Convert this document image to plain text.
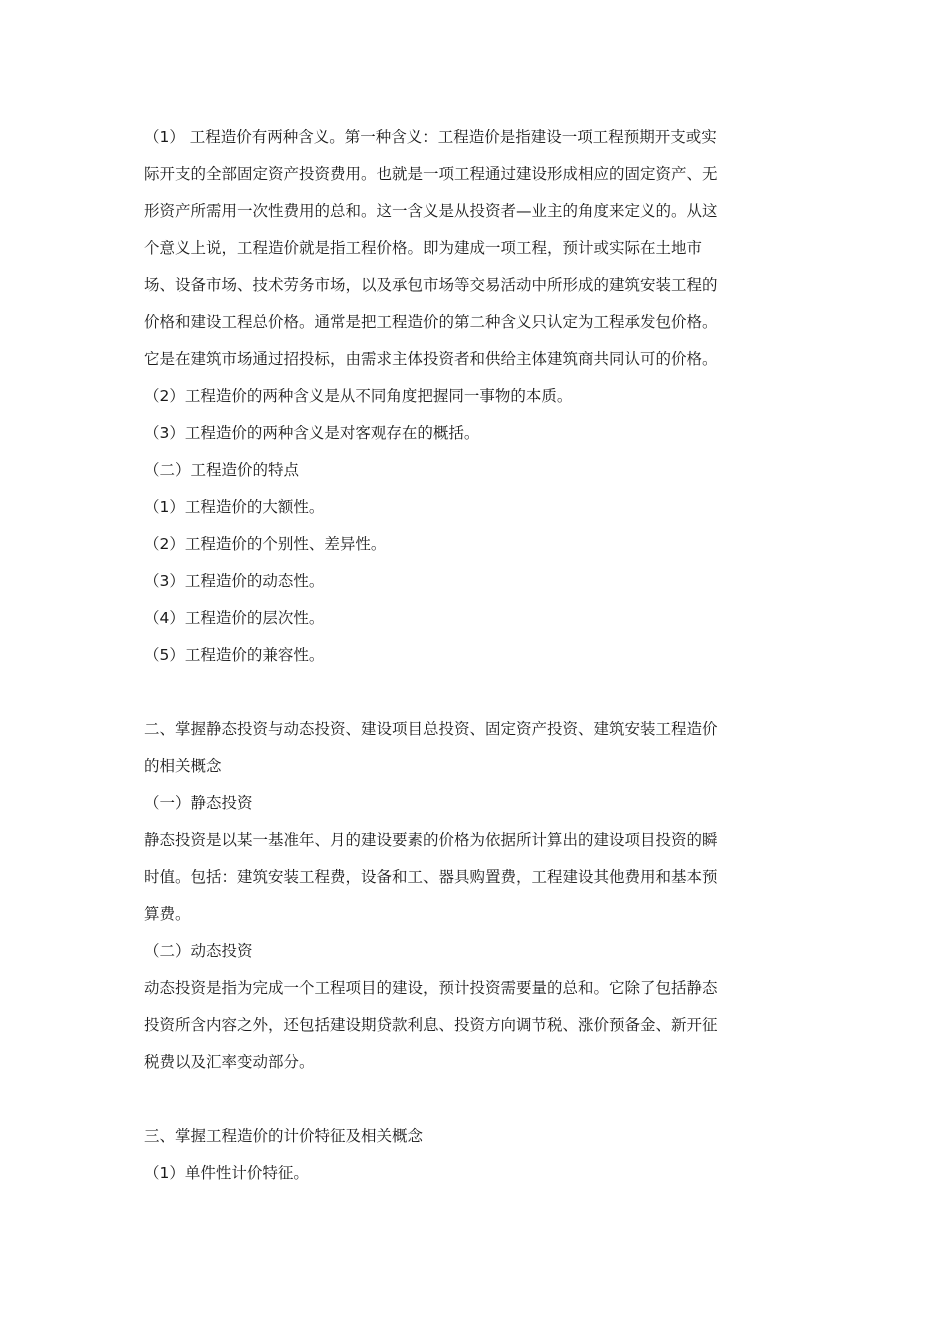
（1） 工程造价有两种含义。第一种含义：工程造价是指建设一项工程预期开支或实
际开支的全部固定资产投资费用。也就是一项工程通过建设形成相应的固定资产、无
形资产所需用一次性费用的总和。这一含义是从投资者—业主的角度来定义的。从这
个意义上说，工程造价就是指工程价格。即为建成一项工程，预计或实际在土地市
场、设备市场、技术劳务市场，以及承包市场等交易活动中所形成的建筑安装工程的
价格和建设工程总价格。通常是把工程造价的第二种含义只认定为工程承发包价格。
它是在建筑市场通过招投标，由需求主体投资者和供给主体建筑商共同认可的价格。
（2）工程造价的两种含义是从不同角度把握同一事物的本质。
（3）工程造价的两种含义是对客观存在的概括。
（二）工程造价的特点
（1）工程造价的大额性。
（2）工程造价的个别性、差异性。
（3）工程造价的动态性。
（4）工程造价的层次性。
（5）工程造价的兼容性。
二、掌握静态投资与动态投资、建设项目总投资、固定资产投资、建筑安装工程造价
的相关概念
（一）静态投资
静态投资是以某一基准年、月的建设要素的价格为依据所计算出的建设项目投资的瞬
时值。包括：建筑安装工程费，设备和工、器具购置费，工程建设其他费用和基本预
算费。
（二）动态投资
动态投资是指为完成一个工程项目的建设，预计投资需要量的总和。它除了包括静态
投资所含内容之外，还包括建设期贷款利息、投资方向调节税、涨价预备金、新开征
税费以及汇率变动部分。
三、掌握工程造价的计价特征及相关概念
（1）单件性计价特征。
